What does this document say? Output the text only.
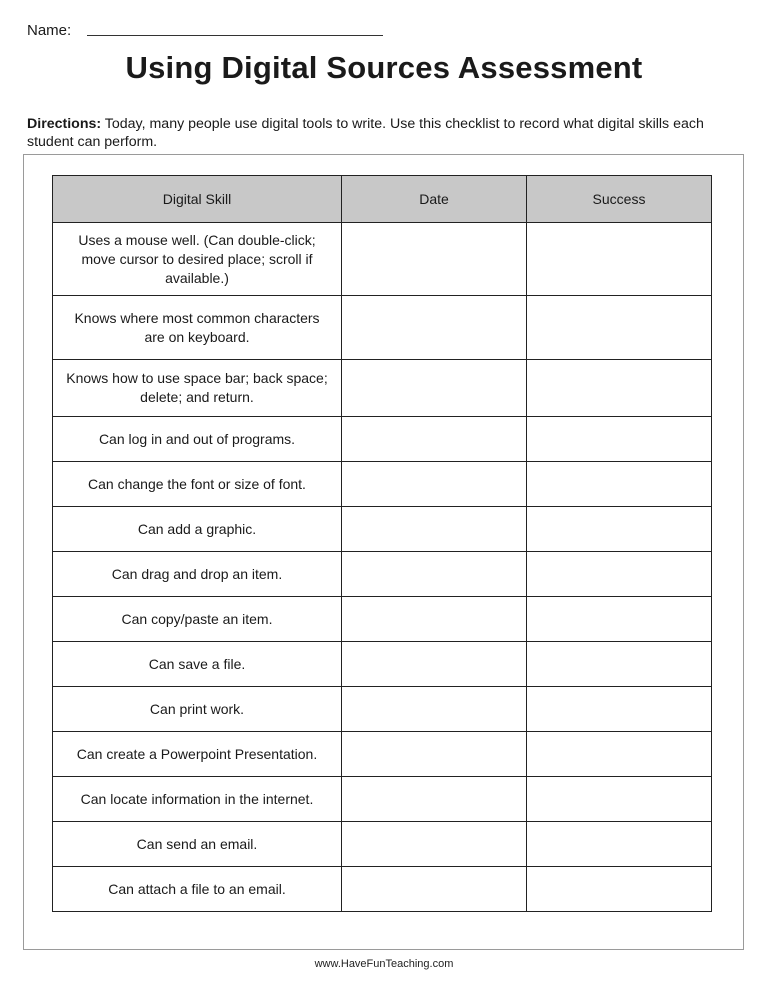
Name:
Using Digital Sources Assessment
Directions: Today, many people use digital tools to write. Use this checklist to record what digital skills each student can perform.
Digital Skill	Date	Success
Uses a mouse well. (Can double-click; move cursor to desired place; scroll if available.)		
Knows where most common characters are on keyboard.		
Knows how to use space bar; back space; delete; and return.		
Can log in and out of programs.		
Can change the font or size of font.		
Can add a graphic.		
Can drag and drop an item.		
Can copy/paste an item.		
Can save a file.		
Can print work.		
Can create a Powerpoint Presentation.		
Can locate information in the internet.		
Can send an email.		
Can attach a file to an email.		
www.HaveFunTeaching.com
